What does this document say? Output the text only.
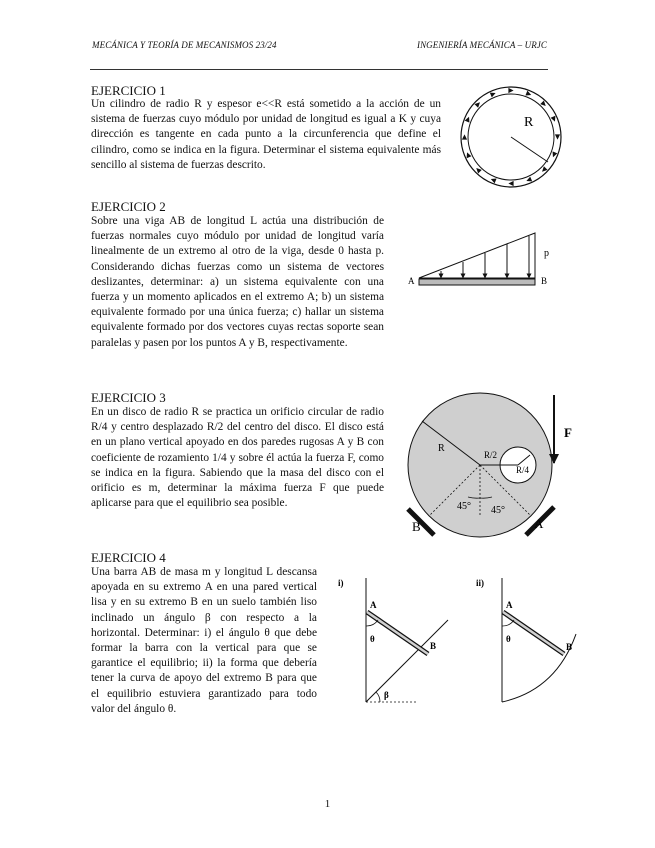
MECÁNICA Y TEORÍA DE MECANISMOS 23/24	INGENIERÍA MECÁNICA – URJC
EJERCICIO 1
Un cilindro de radio R y espesor e<<R está sometido a la acción de un sistema de fuerzas cuyo módulo por unidad de longitud es igual a K y cuya dirección es tangente en cada punto a la circunferencia que define el cilindro, como se indica en la figura. Determinar el sistema equivalente más sencillo al sistema de fuerzas descrito.
R
EJERCICIO 2
Sobre una viga AB de longitud L actúa una distribución de fuerzas normales cuyo módulo por unidad de longitud varía linealmente de un extremo al otro de la viga, desde 0 hasta p. Considerando dichas fuerzas como un sistema de vectores deslizantes, determinar: a) un sistema equivalente con una fuerza y un momento aplicados en el extremo A; b) un sistema equivalente formado por una única fuerza; c) hallar un sistema equivalente formado por dos vectores cuyas rectas soporte sean paralelas y pasen por los puntos A y B, respectivamente.
A	B
p
EJERCICIO 3
En un disco de radio R se practica un orificio circular de radio R/4 y centro desplazado R/2 del centro del disco. El disco está en un plano vertical apoyado en dos paredes rugosas A y B con coeficiente de rozamiento 1/4 y sobre él actúa la fuerza F, como se indica en la figura. Sabiendo que la masa del disco con el orificio es m, determinar la máxima fuerza F que puede aplicarse para que el equilibrio sea posible.
R
R/2
R/4
F
45° 45°
A
B
EJERCICIO 4
Una barra AB de masa m y longitud L descansa apoyada en su extremo A en una pared vertical lisa y en su extremo B en un suelo también liso inclinado un ángulo β con respecto a la horizontal. Determinar: i) el ángulo θ que debe formar la barra con la vertical para que se garantice el equilibrio; ii) la forma que debería tener la curva de apoyo del extremo B para que el equilibrio estuviera garantizado para todo valor del ángulo θ.
i)
A
B
θ
β
ii)
A
B
θ
1
